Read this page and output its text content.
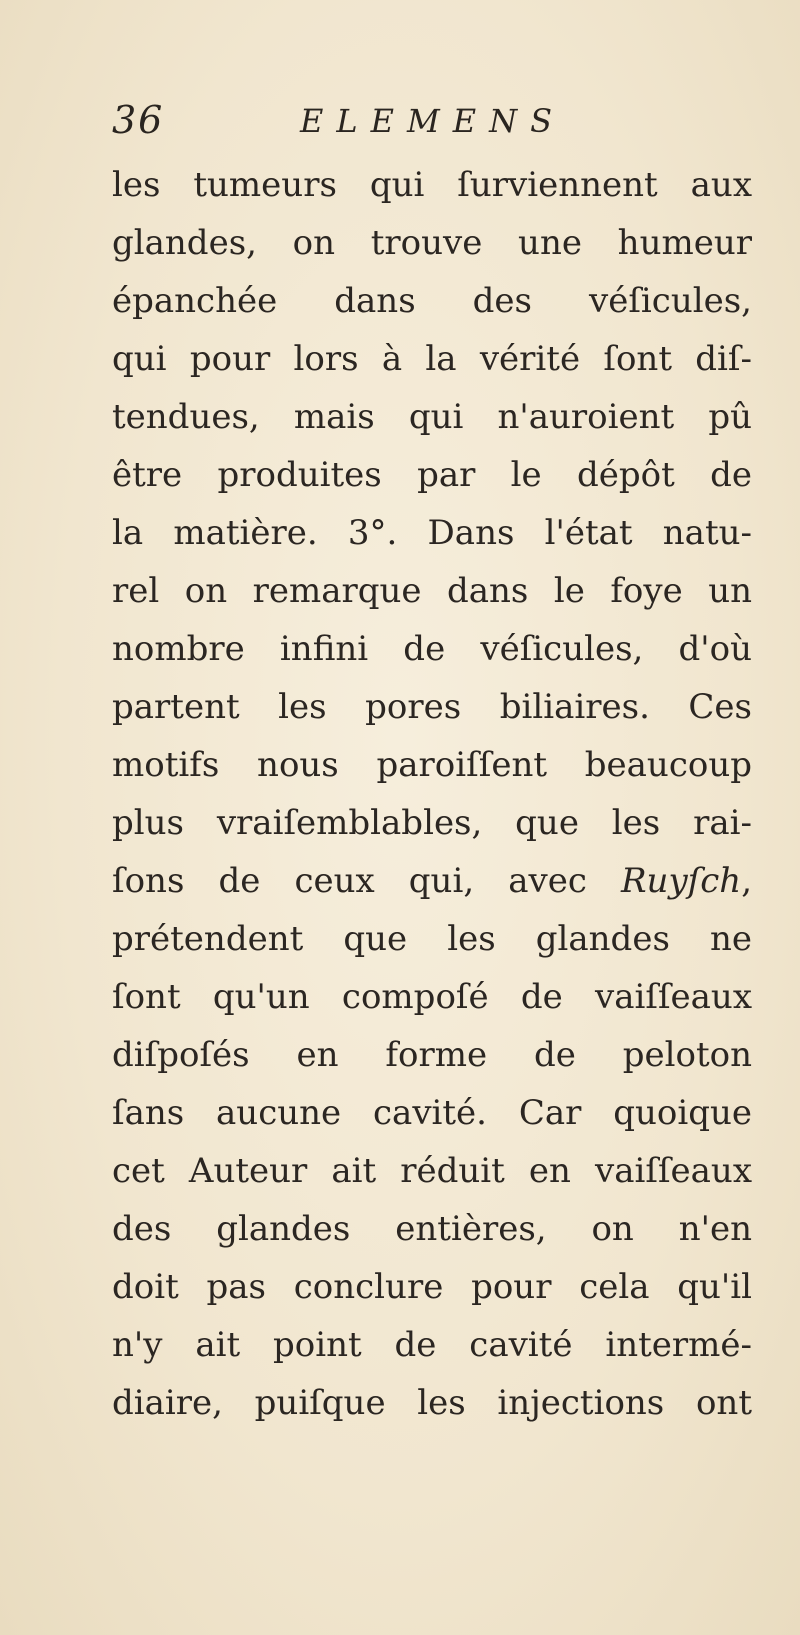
36	ELEMENS
les tumeurs qui ſurviennent aux
glandes, on trouve une humeur
épanchée dans des véſicules,
qui pour lors à la vérité ſont diſ-
tendues, mais qui n'auroient pû
être produites par le dépôt de
la matière. 3°. Dans l'état natu-
rel on remarque dans le foye un
nombre infini de véſicules, d'où
partent les pores biliaires. Ces
motifs nous paroiſſent beaucoup
plus vraiſemblables, que les rai-
ſons de ceux qui, avec Ruyſch,
prétendent que les glandes ne
ſont qu'un compoſé de vaiſſeaux
diſpoſés en forme de peloton
ſans aucune cavité. Car quoique
cet Auteur ait réduit en vaiſſeaux
des glandes entières, on n'en
doit pas conclure pour cela qu'il
n'y ait point de cavité intermé-
diaire, puiſque les injections ont
